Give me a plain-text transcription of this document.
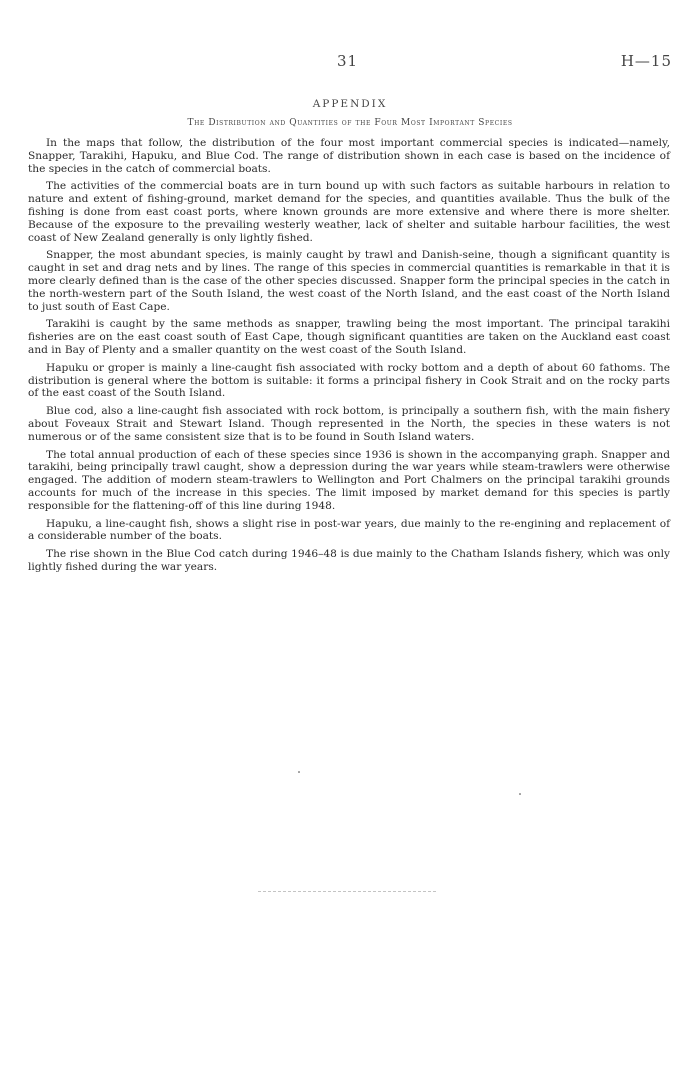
31	H—15
APPENDIX
The Distribution and Quantities of the Four Most Important Species

In the maps that follow, the distribution of the four most important commercial species is indicated—namely, Snapper, Tarakihi, Hapuku, and Blue Cod. The range of distribution shown in each case is based on the incidence of the species in the catch of commercial boats.

The activities of the commercial boats are in turn bound up with such factors as suitable harbours in relation to nature and extent of fishing-ground, market demand for the species, and quantities available. Thus the bulk of the fishing is done from east coast ports, where known grounds are more extensive and where there is more shelter. Because of the exposure to the prevailing westerly weather, lack of shelter and suitable harbour facilities, the west coast of New Zealand generally is only lightly fished.

Snapper, the most abundant species, is mainly caught by trawl and Danish-seine, though a significant quantity is caught in set and drag nets and by lines. The range of this species in commercial quantities is remarkable in that it is more clearly defined than is the case of the other species discussed. Snapper form the principal species in the catch in the north-western part of the South Island, the west coast of the North Island, and the east coast of the North Island to just south of East Cape.

Tarakihi is caught by the same methods as snapper, trawling being the most important. The principal tarakihi fisheries are on the east coast south of East Cape, though significant quantities are taken on the Auckland east coast and in Bay of Plenty and a smaller quantity on the west coast of the South Island.

Hapuku or groper is mainly a line-caught fish associated with rocky bottom and a depth of about 60 fathoms. The distribution is general where the bottom is suitable: it forms a principal fishery in Cook Strait and on the rocky parts of the east coast of the South Island.

Blue cod, also a line-caught fish associated with rock bottom, is principally a southern fish, with the main fishery about Foveaux Strait and Stewart Island. Though represented in the North, the species in these waters is not numerous or of the same consistent size that is to be found in South Island waters.

The total annual production of each of these species since 1936 is shown in the accompanying graph. Snapper and tarakihi, being principally trawl caught, show a depression during the war years while steam-trawlers were otherwise engaged. The addition of modern steam-trawlers to Wellington and Port Chalmers on the principal tarakihi grounds accounts for much of the increase in this species. The limit imposed by market demand for this species is partly responsible for the flattening-off of this line during 1948.

Hapuku, a line-caught fish, shows a slight rise in post-war years, due mainly to the re-engining and replacement of a considerable number of the boats.

The rise shown in the Blue Cod catch during 1946–48 is due mainly to the Chatham Islands fishery, which was only lightly fished during the war years.
